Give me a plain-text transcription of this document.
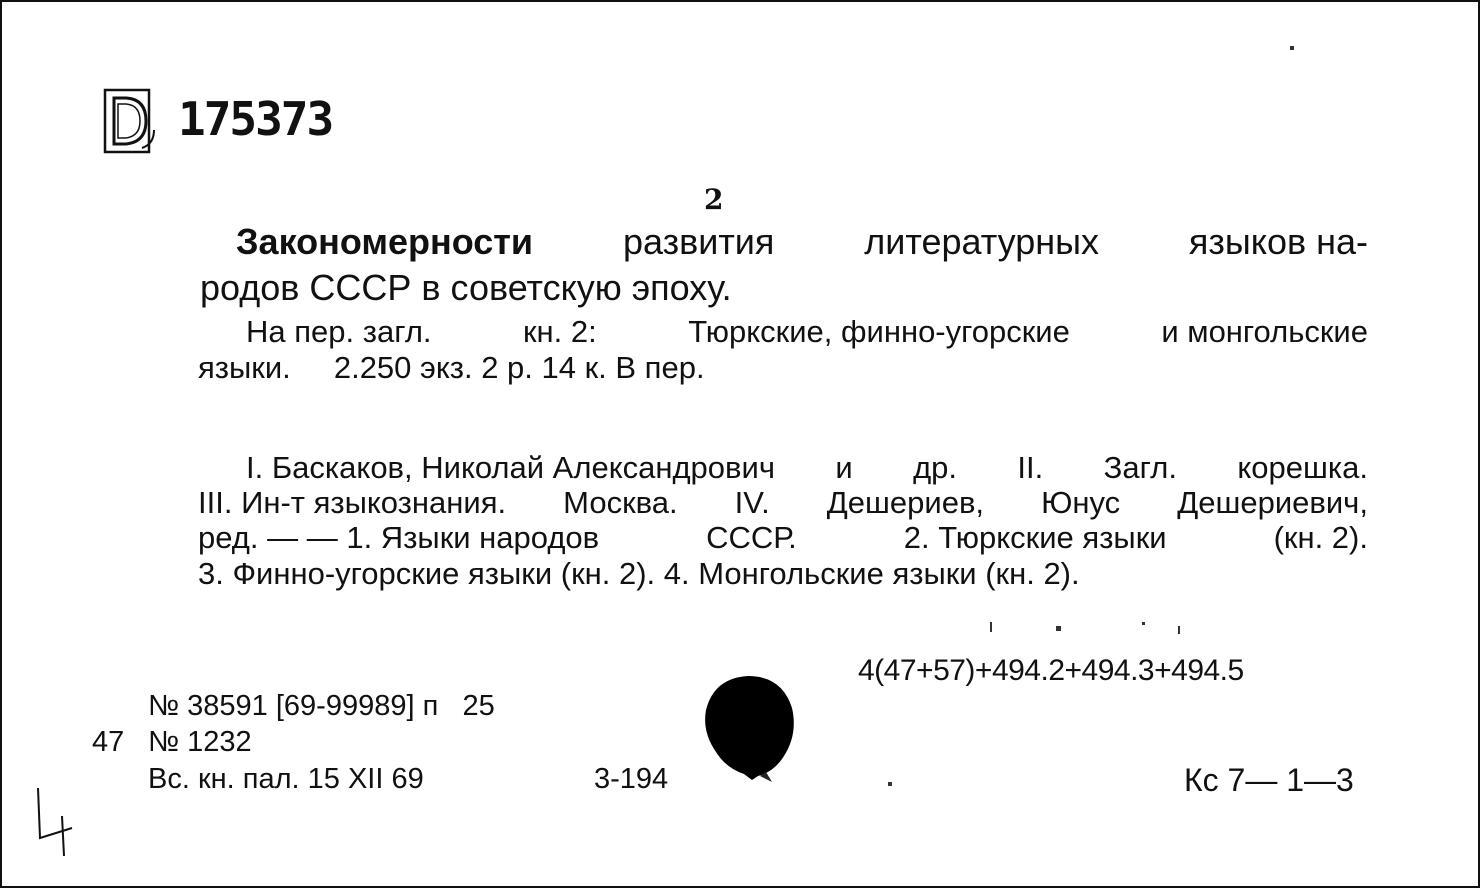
175373
2
Закономерности развития литературных языков на-
родов СССР в советскую эпоху.
На пер. загл.	кн. 2:	Тюркские, финно-угорские	и монгольские
языки.     2.250 экз. 2 р. 14 к. В пер.
I. Баскаков, Николай Александрович и др. II. Загл. корешка.
III. Ин-т языкознания. Москва. IV. Дешериев, Юнус Дешериевич,
ред. — — 1. Языки народов	СССР.	2. Тюркские языки	(кн. 2).
3. Финно-угорские языки (кн. 2). 4. Монгольские языки (кн. 2).
4(47+57)+494.2+494.3+494.5
№ 38591 [69-99989] п   25
47 № 1232
Вс. кн. пал. 15 XII 69	3-194	Кс 7— 1—3
